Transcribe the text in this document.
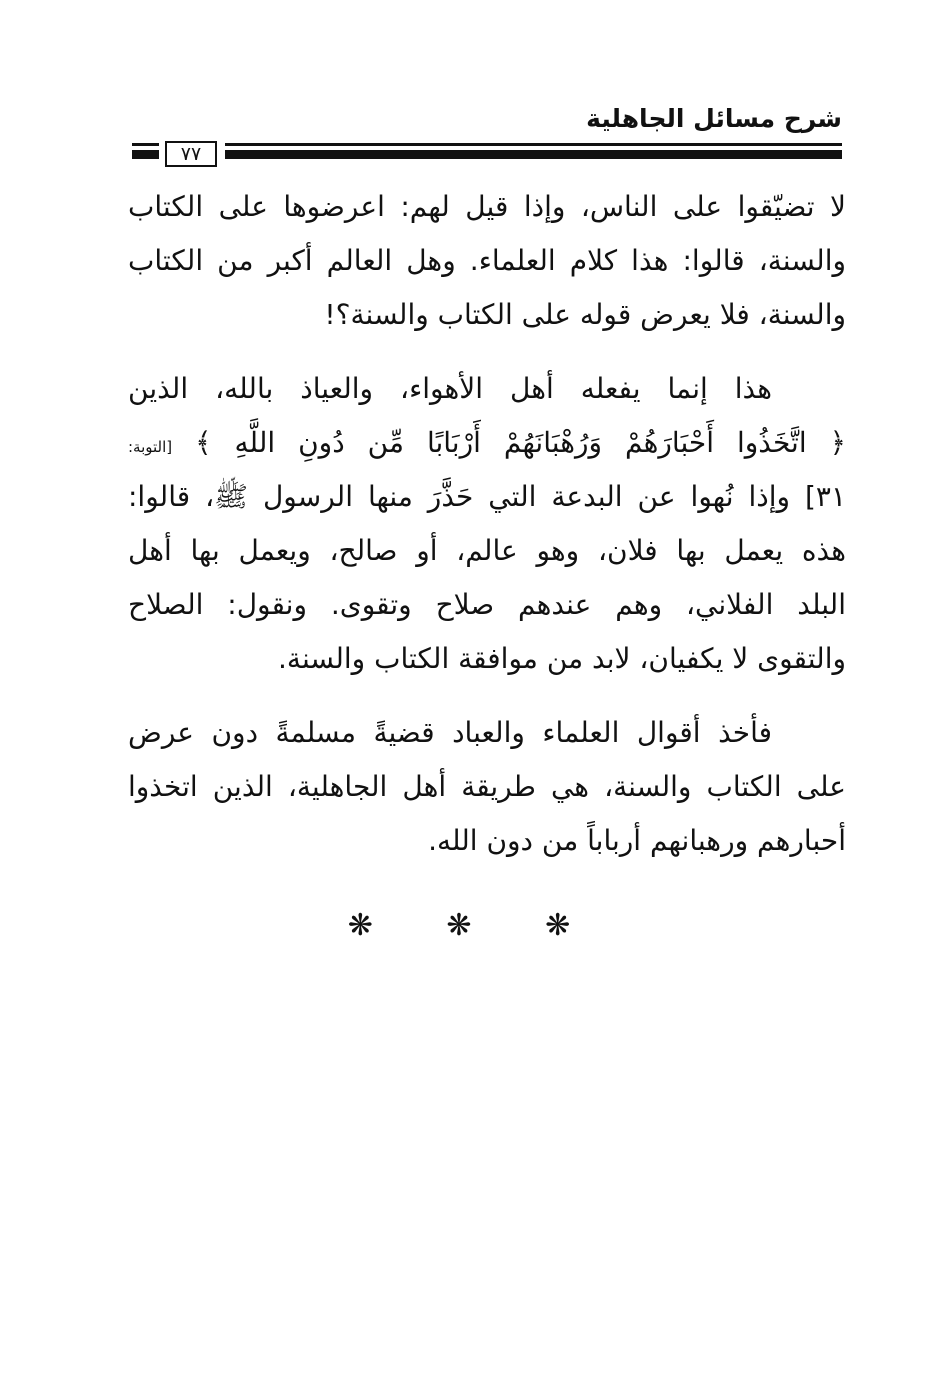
شرح مسائل الجاهلية
٧٧
لا تضيّقوا على الناس، وإذا قيل لهم: اعرضوها على الكتاب
والسنة، قالوا: هذا كلام العلماء. وهل العالم أكبر من الكتاب
والسنة، فلا يعرض قوله على الكتاب والسنة؟!
هذا إنما يفعله أهل الأهواء، والعياذ بالله، الذين
﴿ اتَّخَذُوا أَحْبَارَهُمْ وَرُهْبَانَهُمْ أَرْبَابًا مِّن دُونِ اللَّهِ ﴾ [التوبة:
٣١] وإذا نُهوا عن البدعة التي حَذَّرَ منها الرسول ﷺ، قالوا:
هذه يعمل بها فلان، وهو عالم، أو صالح، ويعمل بها أهل
البلد الفلاني، وهم عندهم صلاح وتقوى. ونقول: الصلاح
والتقوى لا يكفيان، لابد من موافقة الكتاب والسنة.
فأخذ أقوال العلماء والعباد قضيةً مسلمةً دون عرض
على الكتاب والسنة، هي طريقة أهل الجاهلية، الذين اتخذوا
أحبارهم ورهبانهم أرباباً من دون الله.
❋ ❋ ❋
